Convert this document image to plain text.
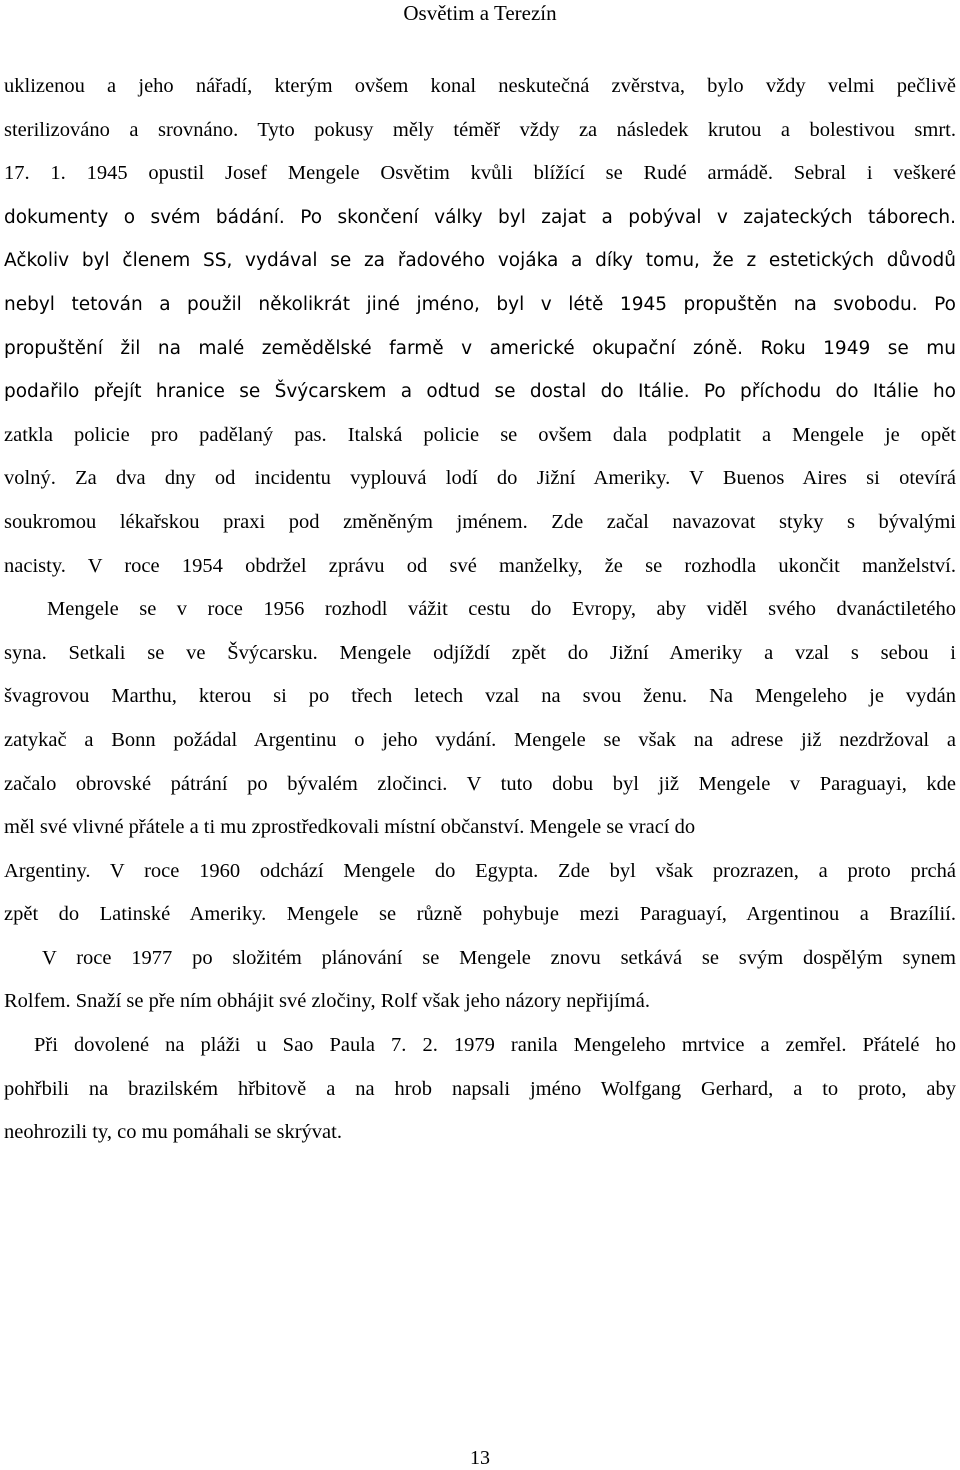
Osvětim a Terezín
uklizenou a jeho nářadí, kterým ovšem konal neskutečná zvěrstva, bylo vždy velmi pečlivě
sterilizováno a srovnáno. Tyto pokusy měly téměř vždy za následek krutou a bolestivou smrt.
17. 1. 1945 opustil Josef Mengele Osvětim kvůli blížící se Rudé armádě. Sebral i veškeré
dokumenty o svém bádání. Po skončení války byl zajat a pobýval v zajateckých táborech.
Ačkoliv byl členem SS, vydával se za řadového vojáka a díky tomu, že z estetických důvodů
nebyl tetován a použil několikrát jiné jméno, byl v létě 1945 propuštěn na svobodu. Po
propuštění žil na malé zemědělské farmě v americké okupační zóně. Roku 1949 se mu
podařilo přejít hranice se Švýcarskem a odtud se dostal do Itálie. Po příchodu do Itálie ho
zatkla policie pro padělaný pas. Italská policie se ovšem dala podplatit a Mengele je opět
volný. Za dva dny od incidentu vyplouvá lodí do Jižní Ameriky. V Buenos Aires si otevírá
soukromou lékařskou praxi pod změněným jménem. Zde začal navazovat styky s bývalými
nacisty. V roce 1954 obdržel zprávu od své manželky, že se rozhodla ukončit manželství.
Mengele se v roce 1956 rozhodl vážit cestu do Evropy, aby viděl svého dvanáctiletého
syna. Setkali se ve Švýcarsku. Mengele odjíždí zpět do Jižní Ameriky a vzal s sebou i
švagrovou Marthu, kterou si po třech letech vzal na svou ženu. Na Mengeleho je vydán
zatykač a Bonn požádal Argentinu o jeho vydání. Mengele se však na adrese již nezdržoval a
začalo obrovské pátrání po bývalém zločinci. V tuto dobu byl již Mengele v Paraguayi, kde
měl své vlivné přátele a ti mu zprostředkovali místní občanství. Mengele se vrací do
Argentiny. V roce 1960 odchází Mengele do Egypta. Zde byl však prozrazen, a proto prchá
zpět do Latinské Ameriky. Mengele se různě pohybuje mezi Paraguayí, Argentinou a Brazílií.
V roce 1977 po složitém plánování se Mengele znovu setkává se svým dospělým synem
Rolfem. Snaží se pře ním obhájit své zločiny, Rolf však jeho názory nepřijímá.
Při dovolené na pláži u Sao Paula 7. 2. 1979 ranila Mengeleho mrtvice a zemřel. Přátelé ho
pohřbili na brazilském hřbitově a na hrob napsali jméno Wolfgang Gerhard, a to proto, aby
neohrozili ty, co mu pomáhali se skrývat.
13
